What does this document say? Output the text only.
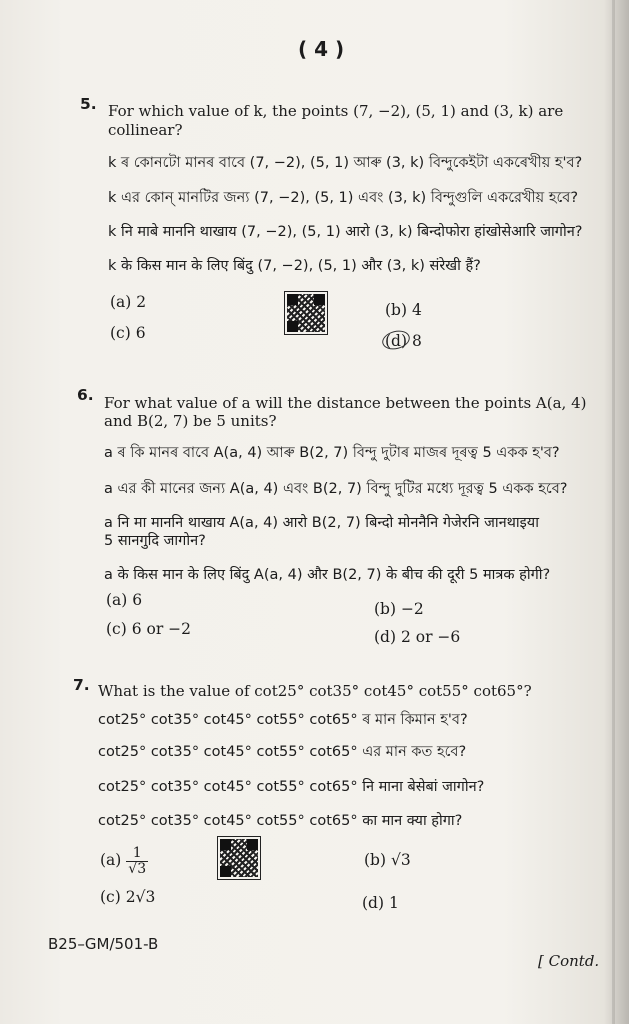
( 4 )
5. For which value of k, the points (7, −2), (5, 1) and (3, k) are
collinear?
k ৰ কোনটো মানৰ বাবে (7, −2), (5, 1) আৰু (3, k) বিন্দুকেইটা একৰেখীয় হ'ব?
k এর কোন্ মানটির জন্য (7, −2), (5, 1) এবং (3, k) বিন্দুগুলি একরেখীয় হবে?
k नि माबे माननि थाखाय (7, −2), (5, 1) आरो (3, k) बिन्दोफोरा हांखोसेआरि जागोन?
k के किस मान के लिए बिंदु (7, −2), (5, 1) और (3, k) संरेखी हैं?
(a) 2	(b) 4
(c) 6	(d) 8
6. For what value of a will the distance between the points A(a, 4)
and B(2, 7) be 5 units?
a ৰ কি মানৰ বাবে A(a, 4) আৰু B(2, 7) বিন্দু দুটাৰ মাজৰ দূৰত্ব 5 একক হ'ব?
a এর কী মানের জন্য A(a, 4) এবং B(2, 7) বিন্দু দুটির মধ্যে দূরত্ব 5 একক হবে?
a नि मा माननि थाखाय A(a, 4) आरो B(2, 7) बिन्दो मोननैनि गेजेरनि जानथाइया
5 सानगुदि जागोन?
a के किस मान के लिए बिंदु A(a, 4) और B(2, 7) के बीच की दूरी 5 मात्रक होगी?
(a) 6	(b) −2
(c) 6 or −2	(d) 2 or −6
7. What is the value of cot25° cot35° cot45° cot55° cot65°?
cot25° cot35° cot45° cot55° cot65° ৰ মান কিমান হ'ব?
cot25° cot35° cot45° cot55° cot65° এর মান কত হবে?
cot25° cot35° cot45° cot55° cot65° नि माना बेसेबां जागोन?
cot25° cot35° cot45° cot55° cot65° का मान क्या होगा?
$(a) \frac{1}{√3}$	(b) √3
(c) 2√3	(d) 1
B25–GM/501-B
[ Contd.
